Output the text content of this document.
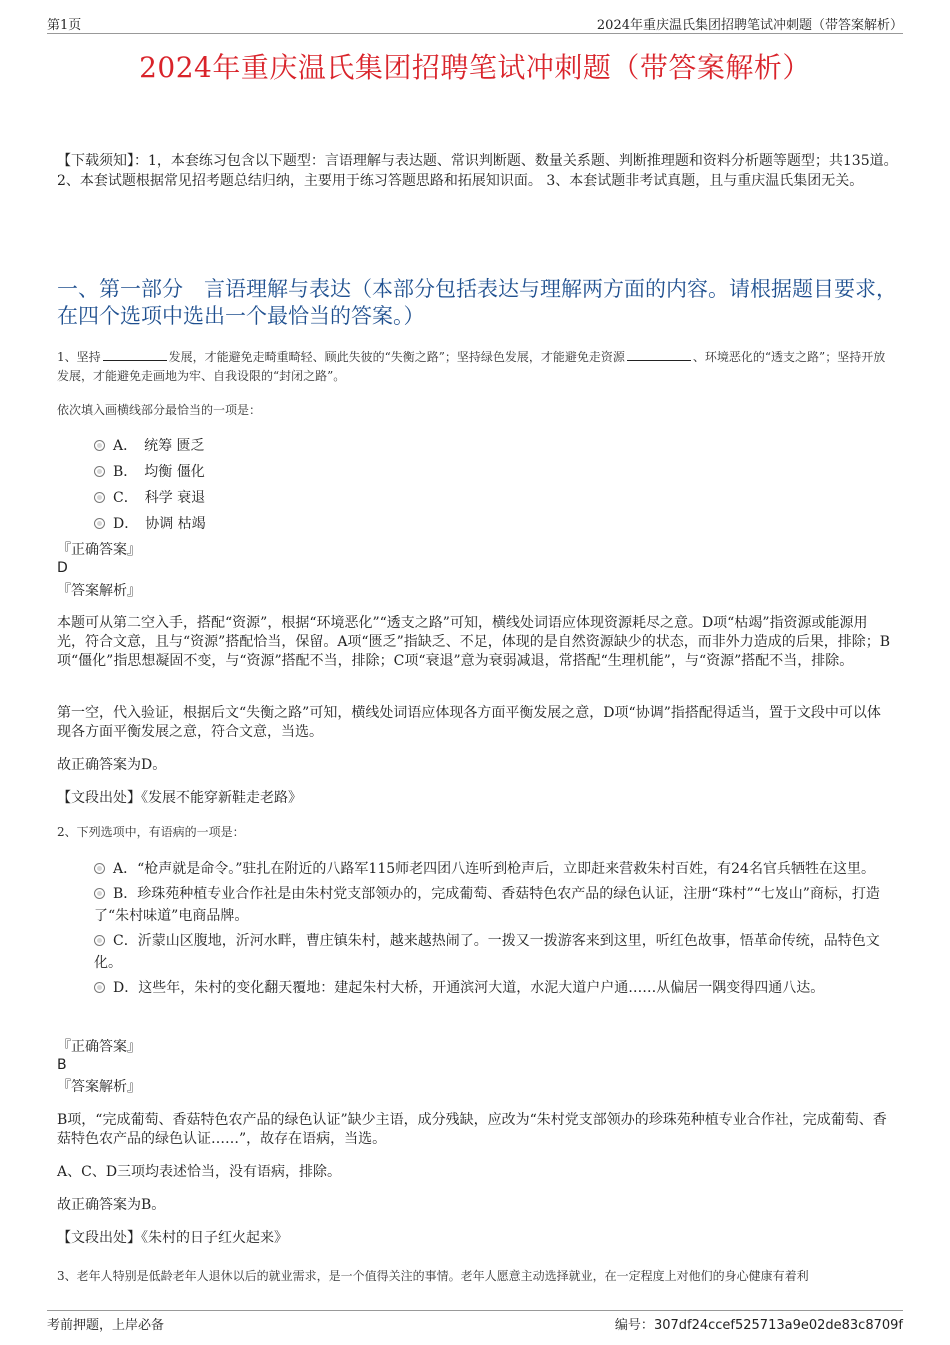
第1页	2024年重庆温氏集团招聘笔试冲刺题（带答案解析）
2024年重庆温氏集团招聘笔试冲刺题（带答案解析）
【下载须知】：1，本套练习包含以下题型：言语理解与表达题、常识判断题、数量关系题、判断推理题和资料分析题等题型；共135道。 2、本套试题根据常见招考题总结归纳，主要用于练习答题思路和拓展知识面。 3、本套试题非考试真题，且与重庆温氏集团无关。
一、第一部分　言语理解与表达（本部分包括表达与理解两方面的内容。请根据题目要求，在四个选项中选出一个最恰当的答案。）
1、坚持	发展，才能避免走畸重畸轻、顾此失彼的“失衡之路”；坚持绿色发展，才能避免走资源	、环境恶化的“透支之路”；坚持开放发展，才能避免走画地为牢、自我设限的“封闭之路”。
依次填入画横线部分最恰当的一项是：
A．　统筹 匮乏
B．　均衡 僵化
C．　科学 衰退
D．　协调 枯竭
『正确答案』
D
『答案解析』
本题可从第二空入手，搭配“资源”，根据“环境恶化”“透支之路”可知，横线处词语应体现资源耗尽之意。D项“枯竭”指资源或能源用光，符合文意，且与“资源”搭配恰当，保留。A项“匮乏”指缺乏、不足，体现的是自然资源缺少的状态，而非外力造成的后果，排除；B项“僵化”指思想凝固不变，与“资源”搭配不当，排除；C项“衰退”意为衰弱减退，常搭配“生理机能”，与“资源”搭配不当，排除。
第一空，代入验证，根据后文“失衡之路”可知，横线处词语应体现各方面平衡发展之意，D项“协调”指搭配得适当，置于文段中可以体现各方面平衡发展之意，符合文意，当选。
故正确答案为D。
【文段出处】《发展不能穿新鞋走老路》
2、下列选项中，有语病的一项是：
A．“枪声就是命令。”驻扎在附近的八路军115师老四团八连听到枪声后，立即赶来营救朱村百姓，有24名官兵牺牲在这里。
B．珍珠苑种植专业合作社是由朱村党支部领办的，完成葡萄、香菇特色农产品的绿色认证，注册“珠村”“七岌山”商标，打造了“朱村味道”电商品牌。
C．沂蒙山区腹地，沂河水畔，曹庄镇朱村，越来越热闹了。一拨又一拨游客来到这里，听红色故事，悟革命传统，品特色文化。
D．这些年，朱村的变化翻天覆地：建起朱村大桥，开通滨河大道，水泥大道户户通……从偏居一隅变得四通八达。
『正确答案』
B
『答案解析』
B项，“完成葡萄、香菇特色农产品的绿色认证”缺少主语，成分残缺，应改为“朱村党支部领办的珍珠苑种植专业合作社，完成葡萄、香菇特色农产品的绿色认证……”，故存在语病，当选。
A、C、D三项均表述恰当，没有语病，排除。
故正确答案为B。
【文段出处】《朱村的日子红火起来》
3、老年人特别是低龄老年人退休以后的就业需求，是一个值得关注的事情。老年人愿意主动选择就业，在一定程度上对他们的身心健康有着利
考前押题，上岸必备	编号：307df24ccef525713a9e02de83c8709f
